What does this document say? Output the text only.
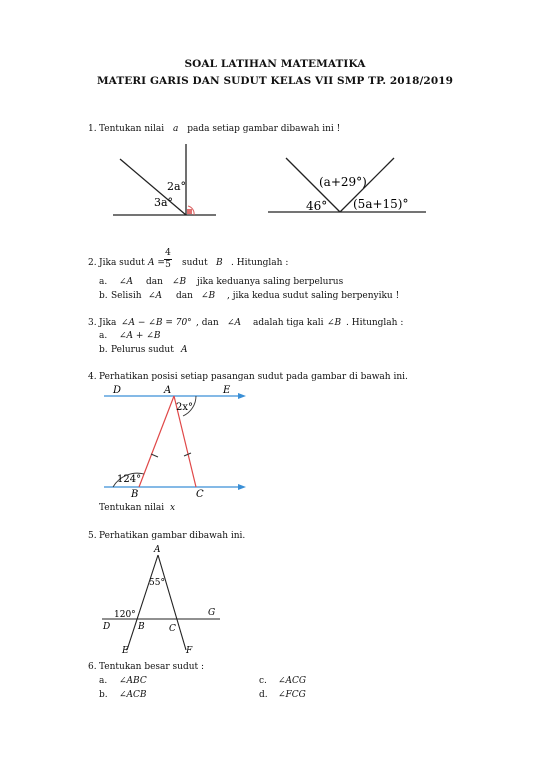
SOAL LATIHAN MATEMATIKA
MATERI GARIS DAN SUDUT KELAS VII SMP TP. 2018/2019
1. Tentukan nilai a pada setiap gambar dibawah ini !
2a°
3a°
(a+29°)
46° (5a+15)°
2. Jika sudut A =
4
5 sudut B . Hitunglah :
a. ∠A dan ∠B jika keduanya saling berpelurus
b. Selisih ∠A dan ∠B , jika kedua sudut saling berpenyiku !
3. Jika ∠A − ∠B = 70° , dan ∠A adalah tiga kali ∠B . Hitunglah :
a. ∠A + ∠B
b. Pelurus sudut A
4. Perhatikan posisi setiap pasangan sudut pada gambar di bawah ini.
D	A	E
2x°
124°
B	C
Tentukan nilai x
5. Perhatikan gambar dibawah ini.
A
55°
120°	G
D	B	C
E	F
6. Tentukan besar sudut :
a. ∠ABC
b. ∠ACB
c. ∠ACG
d. ∠FCG
